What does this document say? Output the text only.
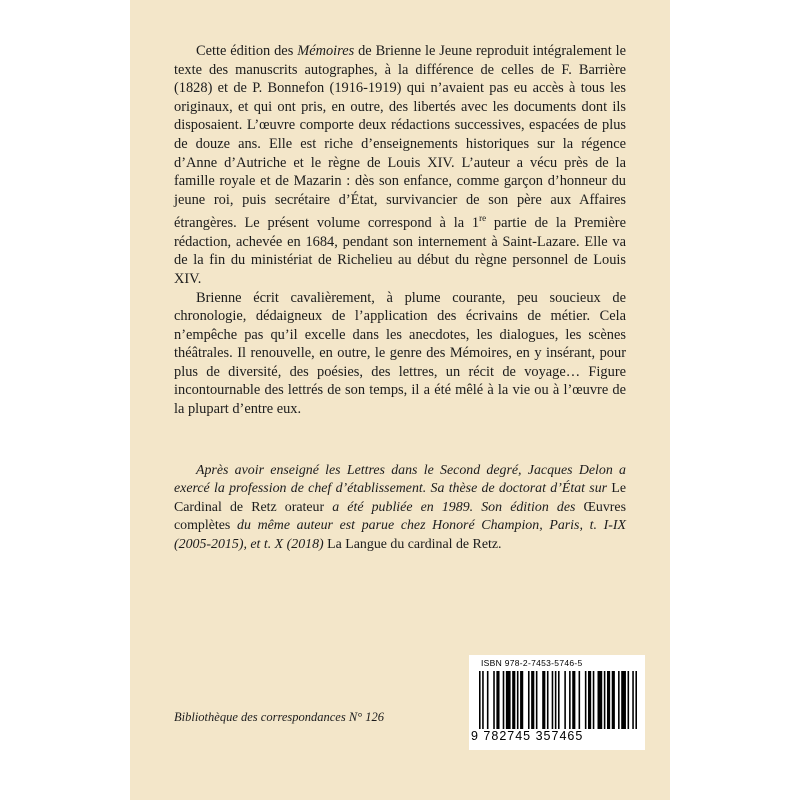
Cette édition des Mémoires de Brienne le Jeune reproduit intégralement le texte des manuscrits autographes, à la différence de celles de F. Barrière (1828) et de P. Bonnefon (1916-1919) qui n’avaient pas eu accès à tous les originaux, et qui ont pris, en outre, des libertés avec les documents dont ils disposaient. L’œuvre comporte deux rédactions successives, espacées de plus de douze ans. Elle est riche d’enseignements historiques sur la régence d’Anne d’Autriche et le règne de Louis XIV. L’auteur a vécu près de la famille royale et de Mazarin : dès son enfance, comme garçon d’honneur du jeune roi, puis secrétaire d’État, survivancier de son père aux Affaires étrangères. Le présent volume correspond à la 1re partie de la Première rédaction, achevée en 1684, pendant son internement à Saint-Lazare. Elle va de la fin du ministériat de Richelieu au début du règne personnel de Louis XIV.

Brienne écrit cavalièrement, à plume courante, peu soucieux de chronologie, dédaigneux de l’application des écrivains de métier. Cela n’empêche pas qu’il excelle dans les anecdotes, les dialogues, les scènes théâtrales. Il renouvelle, en outre, le genre des Mémoires, en y insérant, pour plus de diversité, des poésies, des lettres, un récit de voyage… Figure incontournable des lettrés de son temps, il a été mêlé à la vie ou à l’œuvre de la plupart d’entre eux.

Après avoir enseigné les Lettres dans le Second degré, Jacques Delon a exercé la profession de chef d’établissement. Sa thèse de doctorat d’État sur Le Cardinal de Retz orateur a été publiée en 1989. Son édition des Œuvres complètes du même auteur est parue chez Honoré Champion, Paris, t. I-IX (2005-2015), et t. X (2018) La Langue du cardinal de Retz.

Bibliothèque des correspondances N° 126
ISBN 978-2-7453-5746-5
9 782745 357465
